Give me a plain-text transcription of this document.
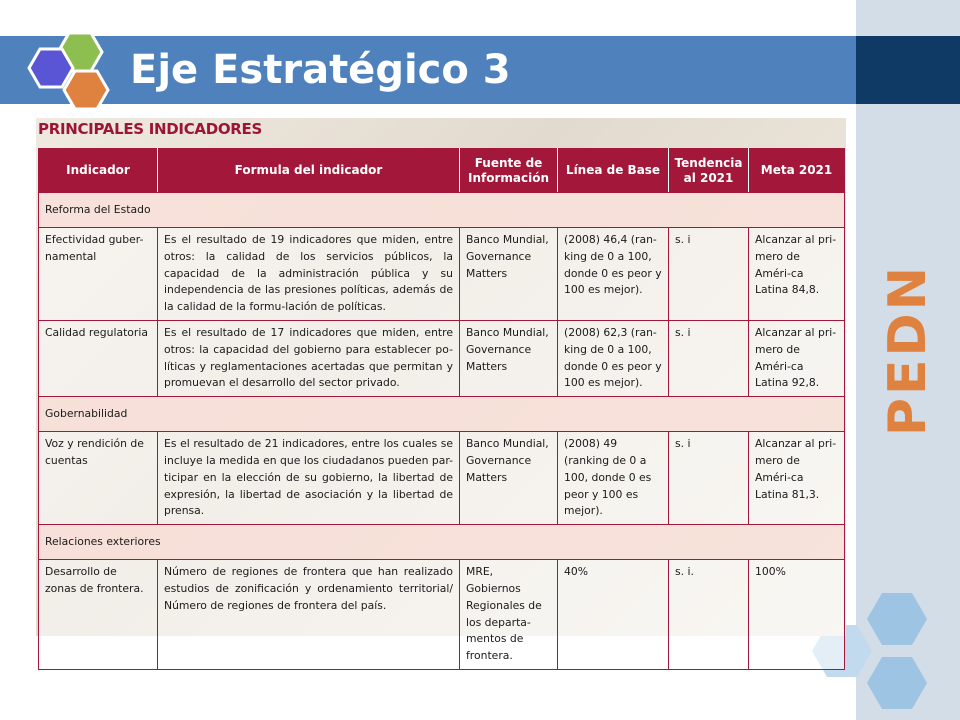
PEDN
Eje Estratégico 3
PRINCIPALES INDICADORES
Indicador	Formula del indicador	Fuente de Información	Línea de Base	Tendencia al 2021	Meta 2021
Reforma del Estado					
Efectividad guber-namental	Es el resultado de 19 indicadores que miden, entre otros: la calidad de los servicios públicos, la capacidad de la administración pública y su independencia de las presiones políticas, además de la calidad de la formu-lación de políticas.	Banco Mundial, Governance Matters	(2008) 46,4 (ran-king de 0 a 100, donde 0 es peor y 100 es mejor).	s. i	Alcanzar al pri-mero de Améri-ca Latina 84,8.
Calidad regulatoria	Es el resultado de 17 indicadores que miden, entre otros: la capacidad del gobierno para establecer po-líticas y reglamentaciones acertadas que permitan y promuevan el desarrollo del sector privado.	Banco Mundial, Governance Matters	(2008) 62,3 (ran-king de 0 a 100, donde 0 es peor y 100 es mejor).	s. i	Alcanzar al pri-mero de Améri-ca Latina 92,8.
Gobernabilidad					
Voz y rendición de cuentas	Es el resultado de 21 indicadores, entre los cuales se incluye la medida en que los ciudadanos pueden par-ticipar en la elección de su gobierno, la libertad de expresión, la libertad de asociación y la libertad de prensa.	Banco Mundial, Governance Matters	(2008) 49 (ranking de 0 a 100, donde 0 es peor y 100 es mejor).	s. i	Alcanzar al pri-mero de Améri-ca Latina 81,3.
Relaciones exteriores					
Desarrollo de zonas de frontera.	Número de regiones de frontera que han realizado estudios de zonificación y ordenamiento territorial/ Número de regiones de frontera del país.	MRE, Gobiernos Regionales de los departa-mentos de frontera.	40%	s. i.	100%
